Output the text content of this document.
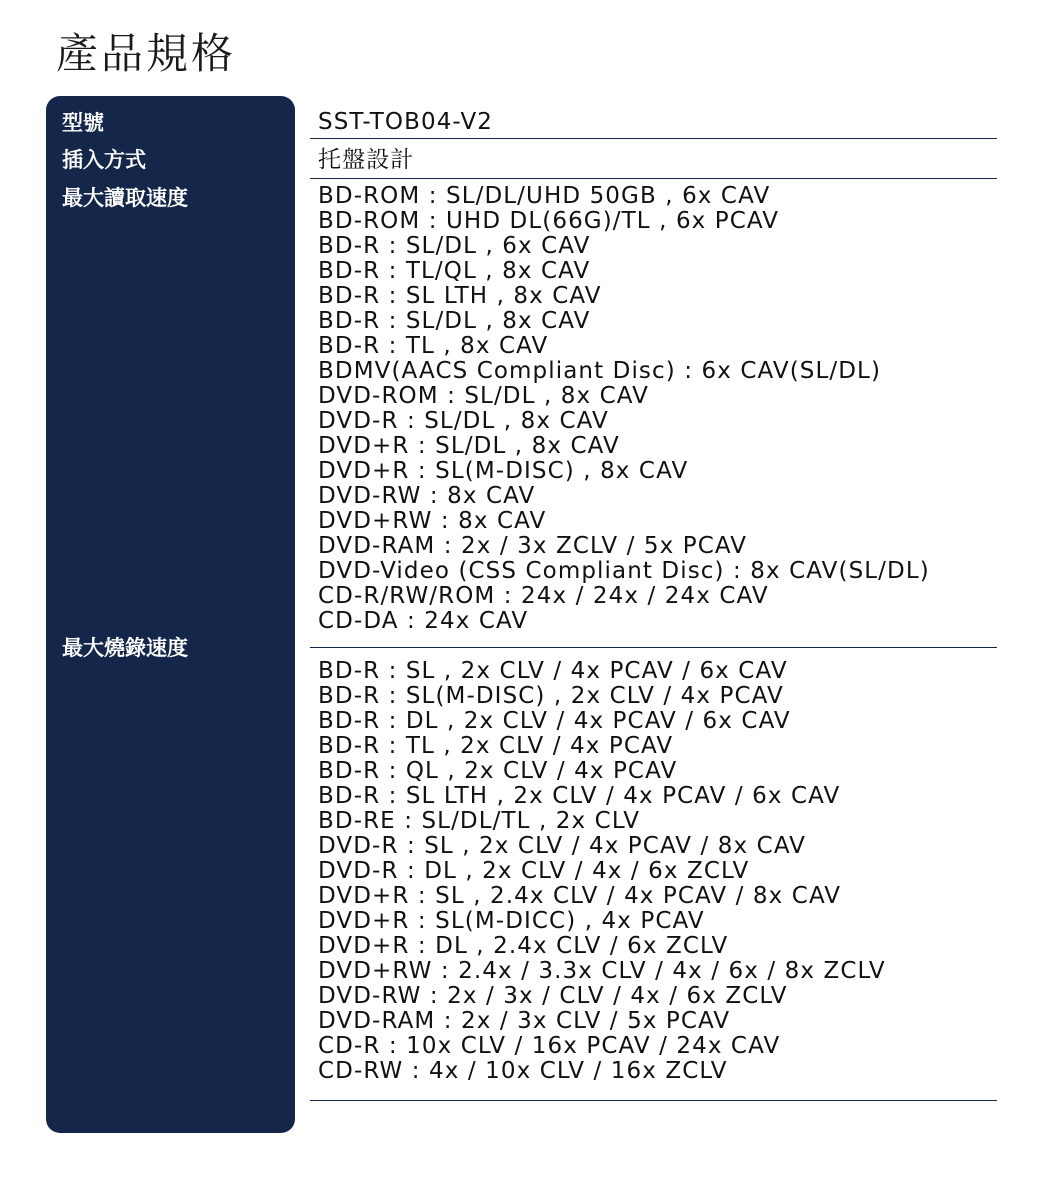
產品規格
型號
插入方式
最大讀取速度
最大燒錄速度
SST-TOB04-V2
托盤設計
BD-ROM : SL/DL/UHD 50GB , 6x CAV
BD-ROM : UHD DL(66G)/TL , 6x PCAV
BD-R : SL/DL , 6x CAV
BD-R : TL/QL , 8x CAV
BD-R : SL LTH , 8x CAV
BD-R : SL/DL , 8x CAV
BD-R : TL , 8x CAV
BDMV(AACS Compliant Disc) : 6x CAV(SL/DL)
DVD-ROM : SL/DL , 8x CAV
DVD-R : SL/DL , 8x CAV
DVD+R : SL/DL , 8x CAV
DVD+R : SL(M-DISC) , 8x CAV
DVD-RW : 8x CAV
DVD+RW : 8x CAV
DVD-RAM : 2x / 3x ZCLV / 5x PCAV
DVD-Video (CSS Compliant Disc) : 8x CAV(SL/DL)
CD-R/RW/ROM : 24x / 24x / 24x CAV
CD-DA : 24x CAV
BD-R : SL , 2x CLV / 4x PCAV / 6x CAV
BD-R : SL(M-DISC) , 2x CLV / 4x PCAV
BD-R : DL , 2x CLV / 4x PCAV / 6x CAV
BD-R : TL , 2x CLV / 4x PCAV
BD-R : QL , 2x CLV / 4x PCAV
BD-R : SL LTH , 2x CLV / 4x PCAV / 6x CAV
BD-RE : SL/DL/TL , 2x CLV
DVD-R : SL , 2x CLV / 4x PCAV / 8x CAV
DVD-R : DL , 2x CLV / 4x / 6x ZCLV
DVD+R : SL , 2.4x CLV / 4x PCAV / 8x CAV
DVD+R : SL(M-DICC) , 4x PCAV
DVD+R : DL , 2.4x CLV / 6x ZCLV
DVD+RW : 2.4x / 3.3x CLV / 4x / 6x / 8x ZCLV
DVD-RW : 2x / 3x / CLV / 4x / 6x ZCLV
DVD-RAM : 2x / 3x CLV / 5x PCAV
CD-R : 10x CLV / 16x PCAV / 24x CAV
CD-RW : 4x / 10x CLV / 16x ZCLV
